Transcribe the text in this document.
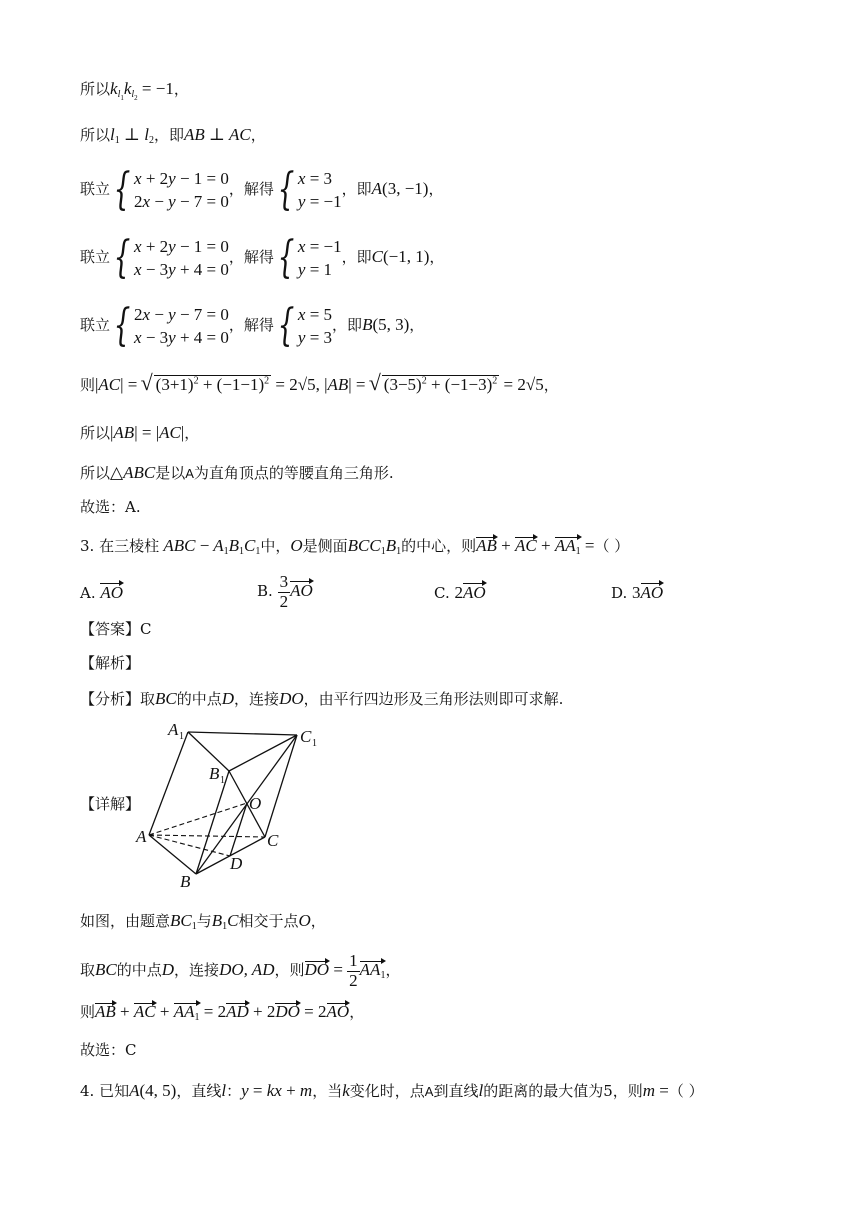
所以$k_{l_1}k_{l_2} = -1$，
所以$l_1$ ⊥ $l_2$，即AB ⊥ AC，
联立 { x + 2y − 1 = 0
2x − y − 7 = 0
，解得 { x = 3
y = −1
，即A(3, −1)，
联立 { x + 2y − 1 = 0
x − 3y + 4 = 0
，解得 { x = −1
y = 1
，即C(−1, 1)，
联立 { 2x − y − 7 = 0
x − 3y + 4 = 0
，解得 { x = 5
y = 3
，即B(5, 3)，
则|AC| = √ $(3+1)^2 + (-1-1)^2 = 2√5$, |AB| = √ $(3-5)^2 + (-1-3)^2 = 2√5$，
所以|AB| = |AC|，
所以△ABC是以A为直角顶点的等腰直角三角形.
故选：A.
3. 在三棱柱 ABC − $A_1B_1C_1$中，O是侧面$BCC_1B_1$的中心，则AB + AC + $AA_1$ =（ ）
A. AO	B. $\frac{3}{2}$ AO	C. 2AO	D. 3AO
【答案】C
【解析】
【分析】取BC的中点D，连接DO，由平行四边形及三角形法则即可求解.
【详解】
A 1	C 1
B 1
O
A	C
D
B
如图，由题意$BC_1$与$B_1C$相交于点O，
取BC的中点D，连接DO, AD，则DO = $\frac{1}{2} AA_1$，
则AB + AC + $AA_1 = 2AD + 2DO = 2AO$，
故选：C
4. 已知A(4, 5)，直线l：y = kx + m，当k变化时，点A到直线l的距离的最大值为5，则m =（ ）
